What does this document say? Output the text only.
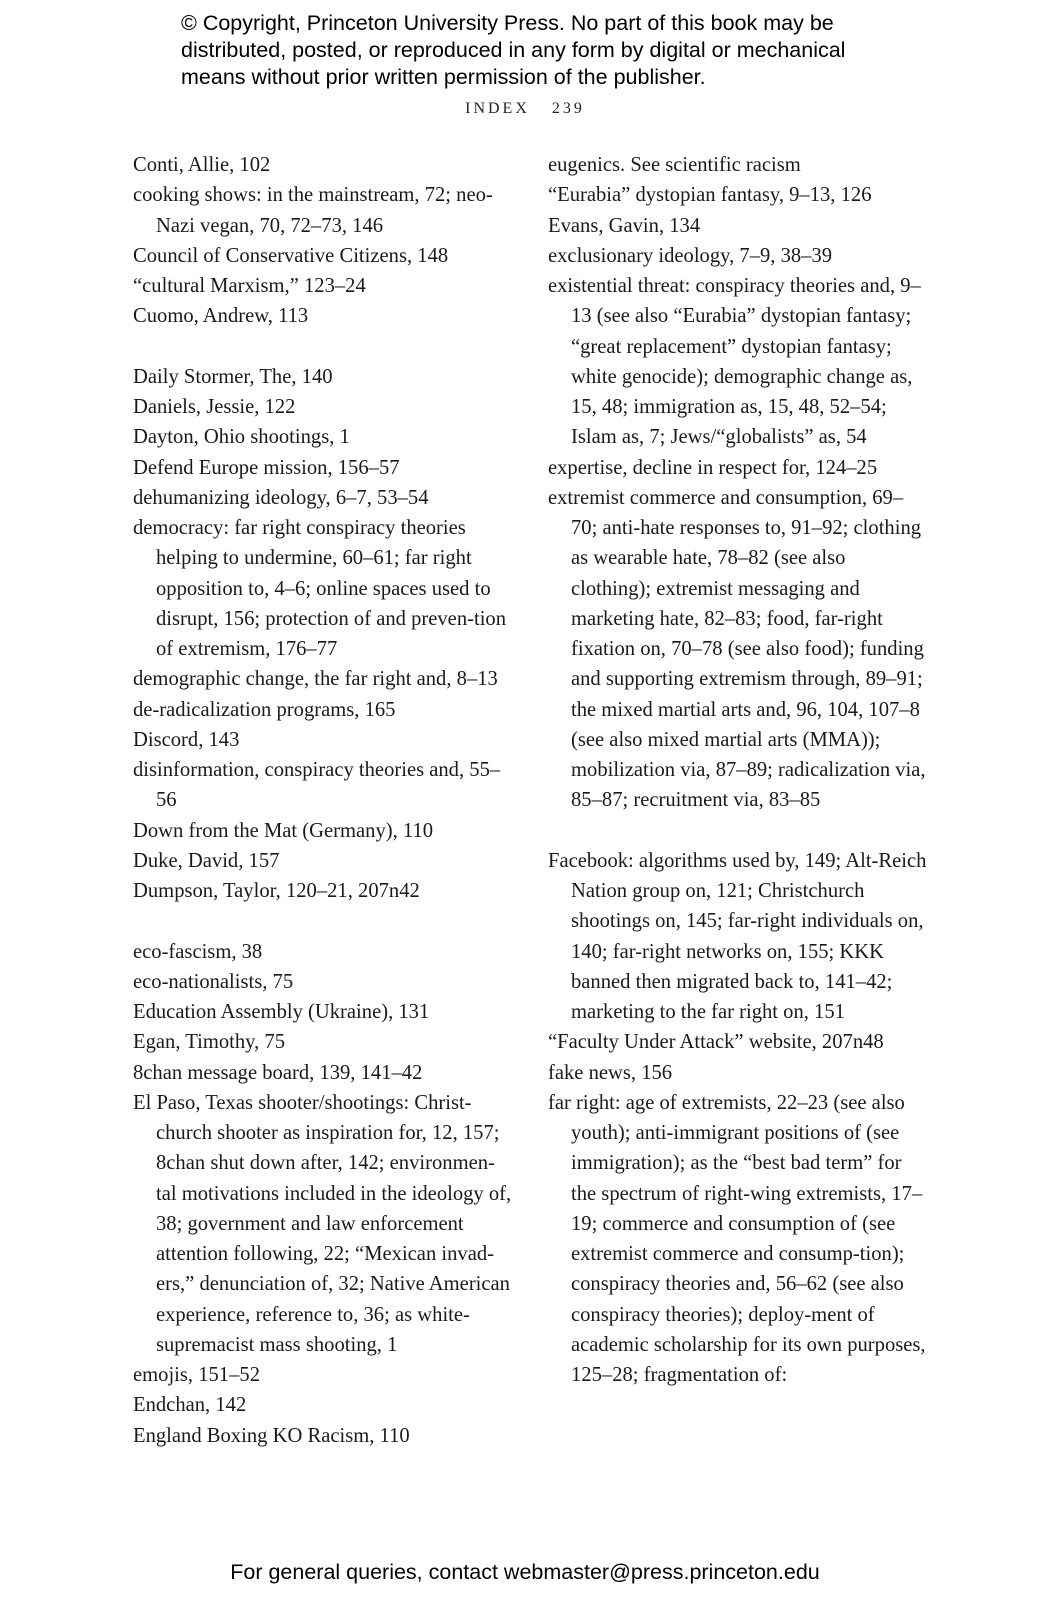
© Copyright, Princeton University Press. No part of this book may be distributed, posted, or reproduced in any form by digital or mechanical means without prior written permission of the publisher.
INDEX 239

Conti, Allie, 102

cooking shows: in the mainstream, 72; neo-Nazi vegan, 70, 72–73, 146

Council of Conservative Citizens, 148

“cultural Marxism,” 123–24

Cuomo, Andrew, 113

Daily Stormer, The, 140

Daniels, Jessie, 122

Dayton, Ohio shootings, 1

Defend Europe mission, 156–57

dehumanizing ideology, 6–7, 53–54

democracy: far right conspiracy theories helping to undermine, 60–61; far right opposition to, 4–6; online spaces used to disrupt, 156; protection of and preven-tion of extremism, 176–77

demographic change, the far right and, 8–13

de-radicalization programs, 165

Discord, 143

disinformation, conspiracy theories and, 55–56

Down from the Mat (Germany), 110

Duke, David, 157

Dumpson, Taylor, 120–21, 207n42

eco-fascism, 38

eco-nationalists, 75

Education Assembly (Ukraine), 131

Egan, Timothy, 75

8chan message board, 139, 141–42

El Paso, Texas shooter/shootings: Christ-church shooter as inspiration for, 12, 157; 8chan shut down after, 142; environmen-tal motivations included in the ideology of, 38; government and law enforcement attention following, 22; “Mexican invad-ers,” denunciation of, 32; Native American experience, reference to, 36; as white-supremacist mass shooting, 1

emojis, 151–52

Endchan, 142

England Boxing KO Racism, 110

eugenics. See scientific racism

“Eurabia” dystopian fantasy, 9–13, 126

Evans, Gavin, 134

exclusionary ideology, 7–9, 38–39

existential threat: conspiracy theories and, 9–13 (see also “Eurabia” dystopian fantasy; “great replacement” dystopian fantasy; white genocide); demographic change as, 15, 48; immigration as, 15, 48, 52–54; Islam as, 7; Jews/“globalists” as, 54

expertise, decline in respect for, 124–25

extremist commerce and consumption, 69–70; anti-hate responses to, 91–92; clothing as wearable hate, 78–82 (see also clothing); extremist messaging and marketing hate, 82–83; food, far-right fixation on, 70–78 (see also food); funding and supporting extremism through, 89–91; the mixed martial arts and, 96, 104, 107–8 (see also mixed martial arts (MMA)); mobilization via, 87–89; radicalization via, 85–87; recruitment via, 83–85

Facebook: algorithms used by, 149; Alt-Reich Nation group on, 121; Christchurch shootings on, 145; far-right individuals on, 140; far-right networks on, 155; KKK banned then migrated back to, 141–42; marketing to the far right on, 151

“Faculty Under Attack” website, 207n48

fake news, 156

far right: age of extremists, 22–23 (see also youth); anti-immigrant positions of (see immigration); as the “best bad term” for the spectrum of right-wing extremists, 17–19; commerce and consumption of (see extremist commerce and consump-tion); conspiracy theories and, 56–62 (see also conspiracy theories); deploy-ment of academic scholarship for its own purposes, 125–28; fragmentation of:

For general queries, contact webmaster@press.princeton.edu
